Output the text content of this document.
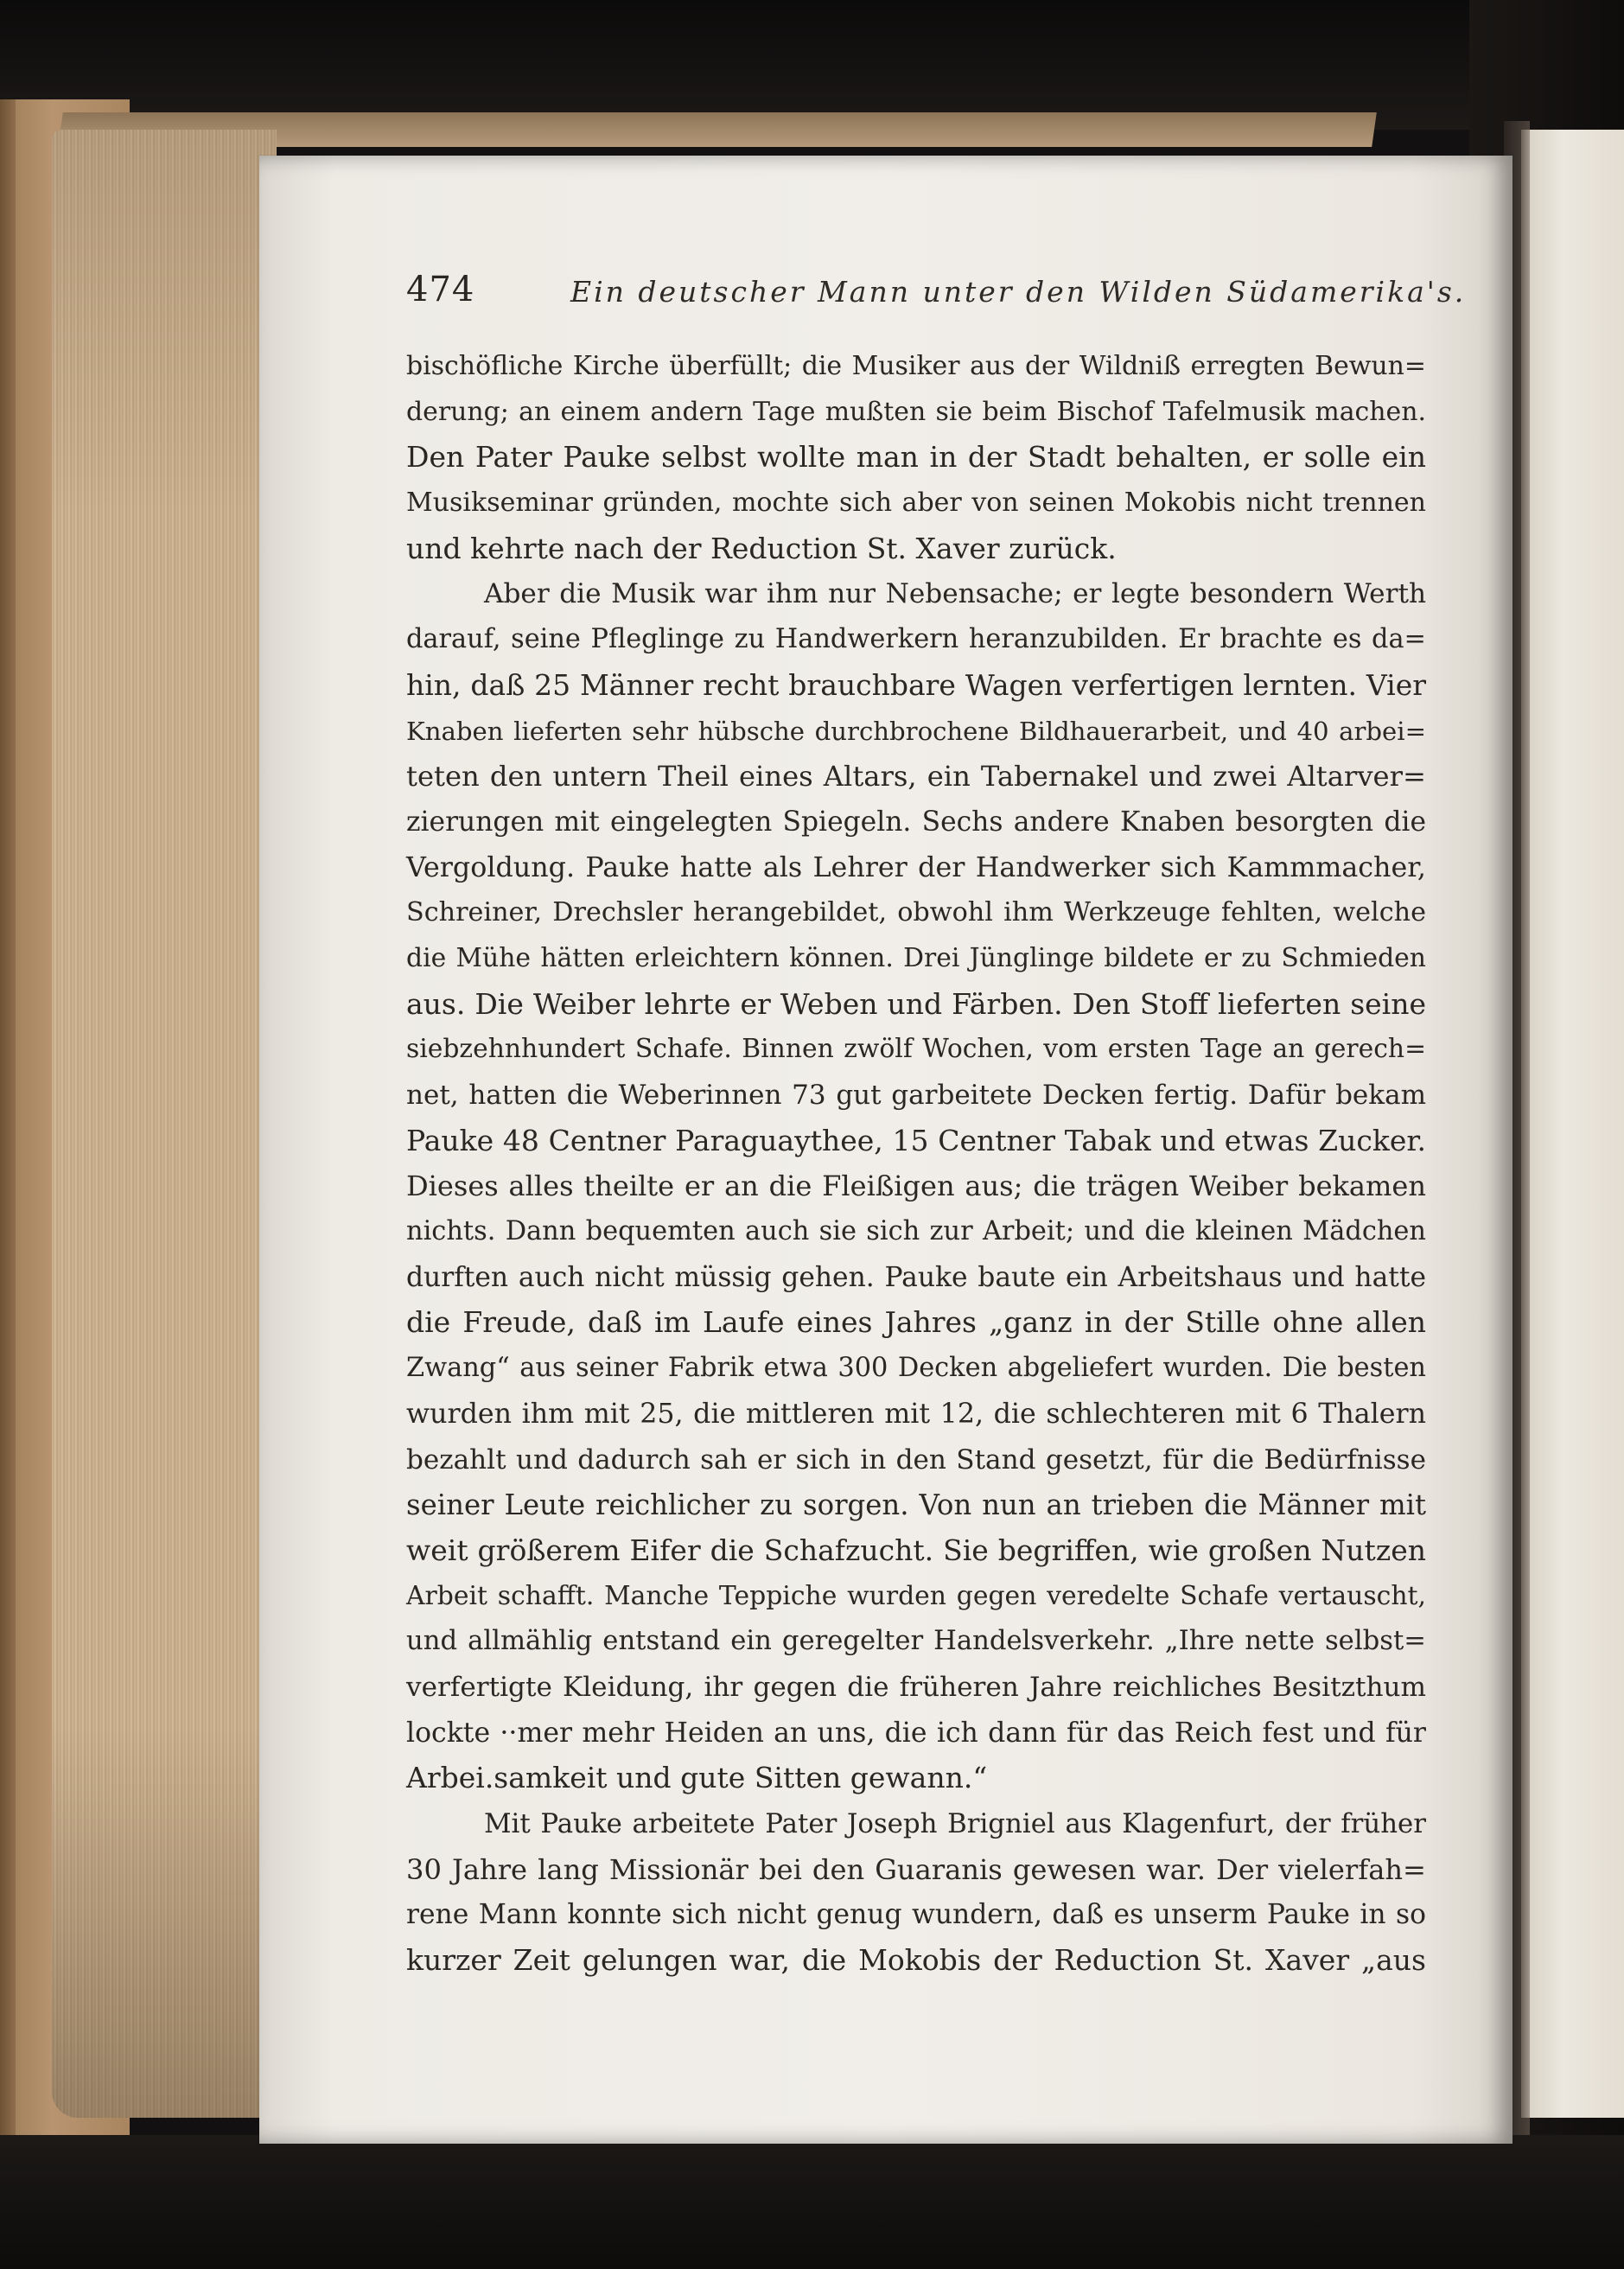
474	Ein deutscher Mann unter den Wilden Südamerika's.
bischöfliche Kirche überfüllt; die Musiker aus der Wildniß erregten Bewun=
derung; an einem andern Tage mußten sie beim Bischof Tafelmusik machen.
Den Pater Pauke selbst wollte man in der Stadt behalten, er solle ein
Musikseminar gründen, mochte sich aber von seinen Mokobis nicht trennen
und kehrte nach der Reduction St. Xaver zurück.
Aber die Musik war ihm nur Nebensache; er legte besondern Werth
darauf, seine Pfleglinge zu Handwerkern heranzubilden. Er brachte es da=
hin, daß 25 Männer recht brauchbare Wagen verfertigen lernten. Vier
Knaben lieferten sehr hübsche durchbrochene Bildhauerarbeit, und 40 arbei=
teten den untern Theil eines Altars, ein Tabernakel und zwei Altarver=
zierungen mit eingelegten Spiegeln. Sechs andere Knaben besorgten die
Vergoldung. Pauke hatte als Lehrer der Handwerker sich Kammmacher,
Schreiner, Drechsler herangebildet, obwohl ihm Werkzeuge fehlten, welche
die Mühe hätten erleichtern können. Drei Jünglinge bildete er zu Schmieden
aus. Die Weiber lehrte er Weben und Färben. Den Stoff lieferten seine
siebzehnhundert Schafe. Binnen zwölf Wochen, vom ersten Tage an gerech=
net, hatten die Weberinnen 73 gut garbeitete Decken fertig. Dafür bekam
Pauke 48 Centner Paraguaythee, 15 Centner Tabak und etwas Zucker.
Dieses alles theilte er an die Fleißigen aus; die trägen Weiber bekamen
nichts. Dann bequemten auch sie sich zur Arbeit; und die kleinen Mädchen
durften auch nicht müssig gehen. Pauke baute ein Arbeitshaus und hatte
die Freude, daß im Laufe eines Jahres „ganz in der Stille ohne allen
Zwang“ aus seiner Fabrik etwa 300 Decken abgeliefert wurden. Die besten
wurden ihm mit 25, die mittleren mit 12, die schlechteren mit 6 Thalern
bezahlt und dadurch sah er sich in den Stand gesetzt, für die Bedürfnisse
seiner Leute reichlicher zu sorgen. Von nun an trieben die Männer mit
weit größerem Eifer die Schafzucht. Sie begriffen, wie großen Nutzen
Arbeit schafft. Manche Teppiche wurden gegen veredelte Schafe vertauscht,
und allmählig entstand ein geregelter Handelsverkehr. „Ihre nette selbst=
verfertigte Kleidung, ihr gegen die früheren Jahre reichliches Besitzthum
lockte ··mer mehr Heiden an uns, die ich dann für das Reich fest und für
Arbei.samkeit und gute Sitten gewann.“
Mit Pauke arbeitete Pater Joseph Brigniel aus Klagenfurt, der früher
30 Jahre lang Missionär bei den Guaranis gewesen war. Der vielerfah=
rene Mann konnte sich nicht genug wundern, daß es unserm Pauke in so
kurzer Zeit gelungen war, die Mokobis der Reduction St. Xaver „aus
